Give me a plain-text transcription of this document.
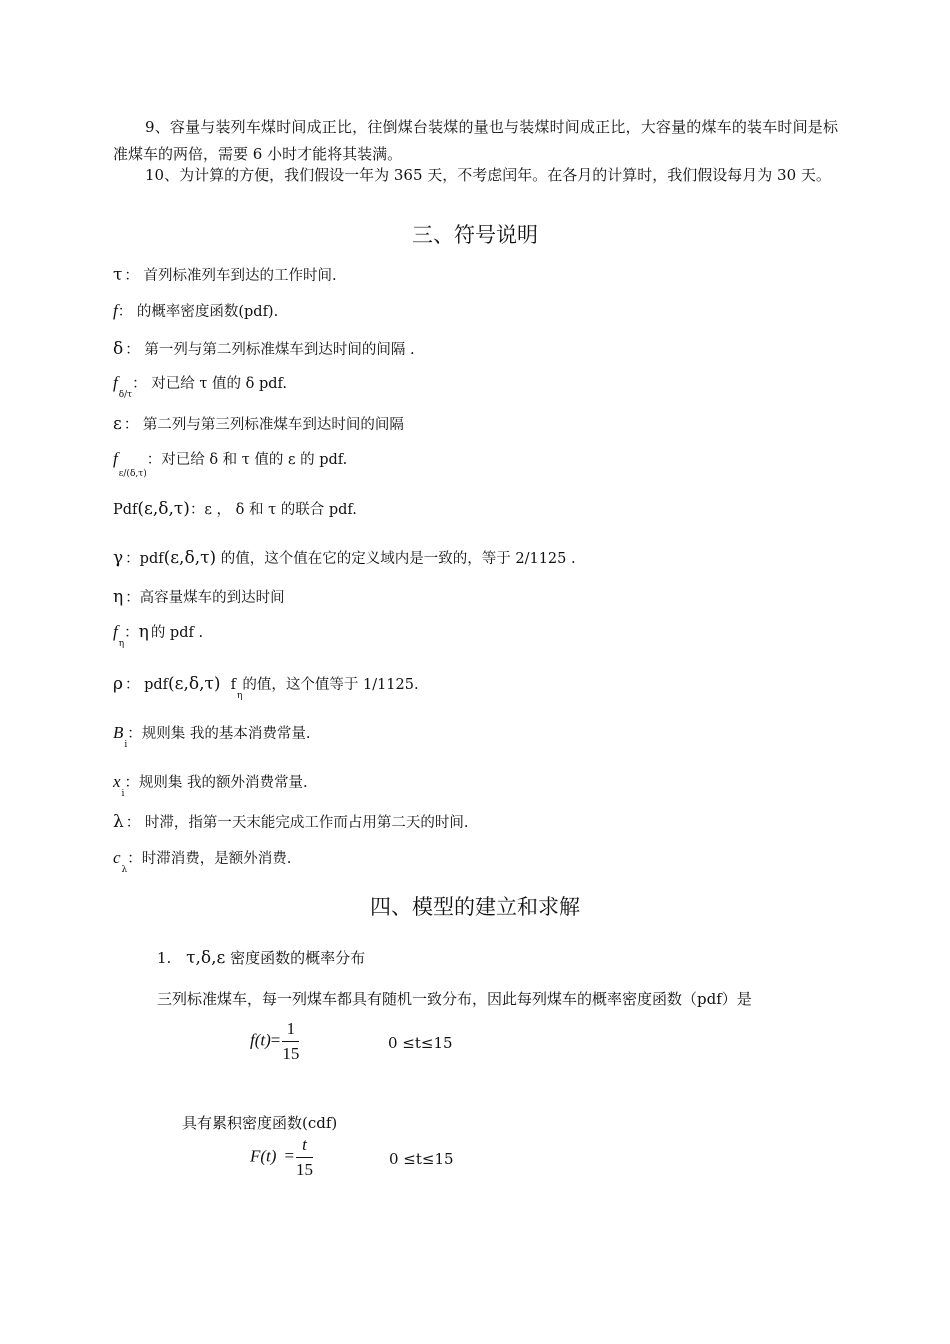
9、容量与装列车煤时间成正比，往倒煤台装煤的量也与装煤时间成正比，大容量的煤车的装车时间是标准煤车的两倍，需要 6 小时才能将其装满。
10、为计算的方便，我们假设一年为 365 天，不考虑闰年。在各月的计算时，我们假设每月为 30 天。
三、符号说明
τ ： 首列标准列车到达的工作时间.
f： 的概率密度函数(pdf).
δ ： 第一列与第二列标准煤车到达时间的间隔 .
$f_{\delta/\tau}$： 对已给 τ 值的 δ pdf.
ε ： 第二列与第三列标准煤车到达时间的间隔
$f_{\varepsilon/(\delta,\tau)}$：对已给 δ 和 τ 值的 ε 的 pdf.
Pdf(ε,δ,τ)：ε ， δ 和 τ 的联合 pdf.
γ ：pdf(ε,δ,τ) 的值，这个值在它的定义域内是一致的，等于 2/1125 .
η ：高容量煤车的到达时间
$f_\eta$：η 的 pdf .
ρ ： pdf(ε,δ,τ) $f_\eta$的值，这个值等于 1/1125.
$B_i$：规则集 我的基本消费常量.
$x_i$：规则集 我的额外消费常量.
λ ： 时滞，指第一天末能完成工作而占用第二天的时间.
$c_\lambda$：时滞消费，是额外消费.
四、模型的建立和求解
1. τ,δ,ε 密度函数的概率分布
三列标准煤车，每一列煤车都具有随机一致分布，因此每列煤车的概率密度函数（pdf）是
$f(t)= \frac{1}{15}$	0 ≤t≤15
具有累积密度函数(cdf)
$F(t) = \frac{t}{15}$	0 ≤t≤15
